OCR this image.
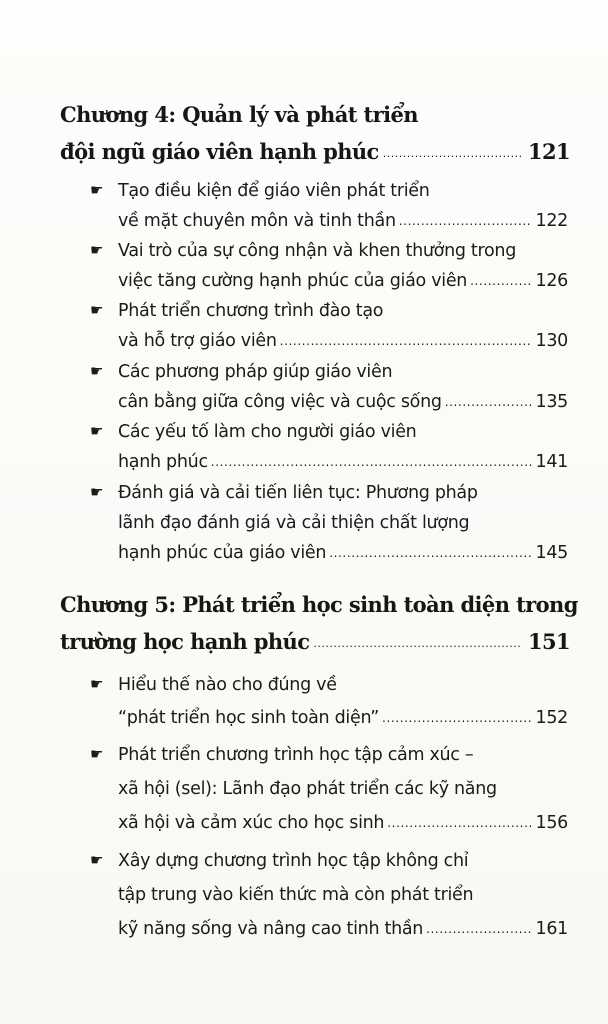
Chương 4: Quản lý và phát triển
đội ngũ giáo viên hạnh phúc .....	121
☛ Tạo điều kiện để giáo viên phát triển
về mặt chuyên môn và tinh thần .....	122
☛ Vai trò của sự công nhận và khen thưởng trong
việc tăng cường hạnh phúc của giáo viên .....	126
☛ Phát triển chương trình đào tạo
và hỗ trợ giáo viên .....	130
☛ Các phương pháp giúp giáo viên
cân bằng giữa công việc và cuộc sống .....	135
☛ Các yếu tố làm cho người giáo viên
hạnh phúc .....	141
☛ Đánh giá và cải tiến liên tục: Phương pháp
lãnh đạo đánh giá và cải thiện chất lượng
hạnh phúc của giáo viên .....	145
Chương 5: Phát triển học sinh toàn diện trong
trường học hạnh phúc .....	151
☛ Hiểu thế nào cho đúng về
“phát triển học sinh toàn diện” .....	152
☛ Phát triển chương trình học tập cảm xúc –
xã hội (sel): Lãnh đạo phát triển các kỹ năng
xã hội và cảm xúc cho học sinh .....	156
☛ Xây dựng chương trình học tập không chỉ
tập trung vào kiến thức mà còn phát triển
kỹ năng sống và nâng cao tinh thần .....	161
